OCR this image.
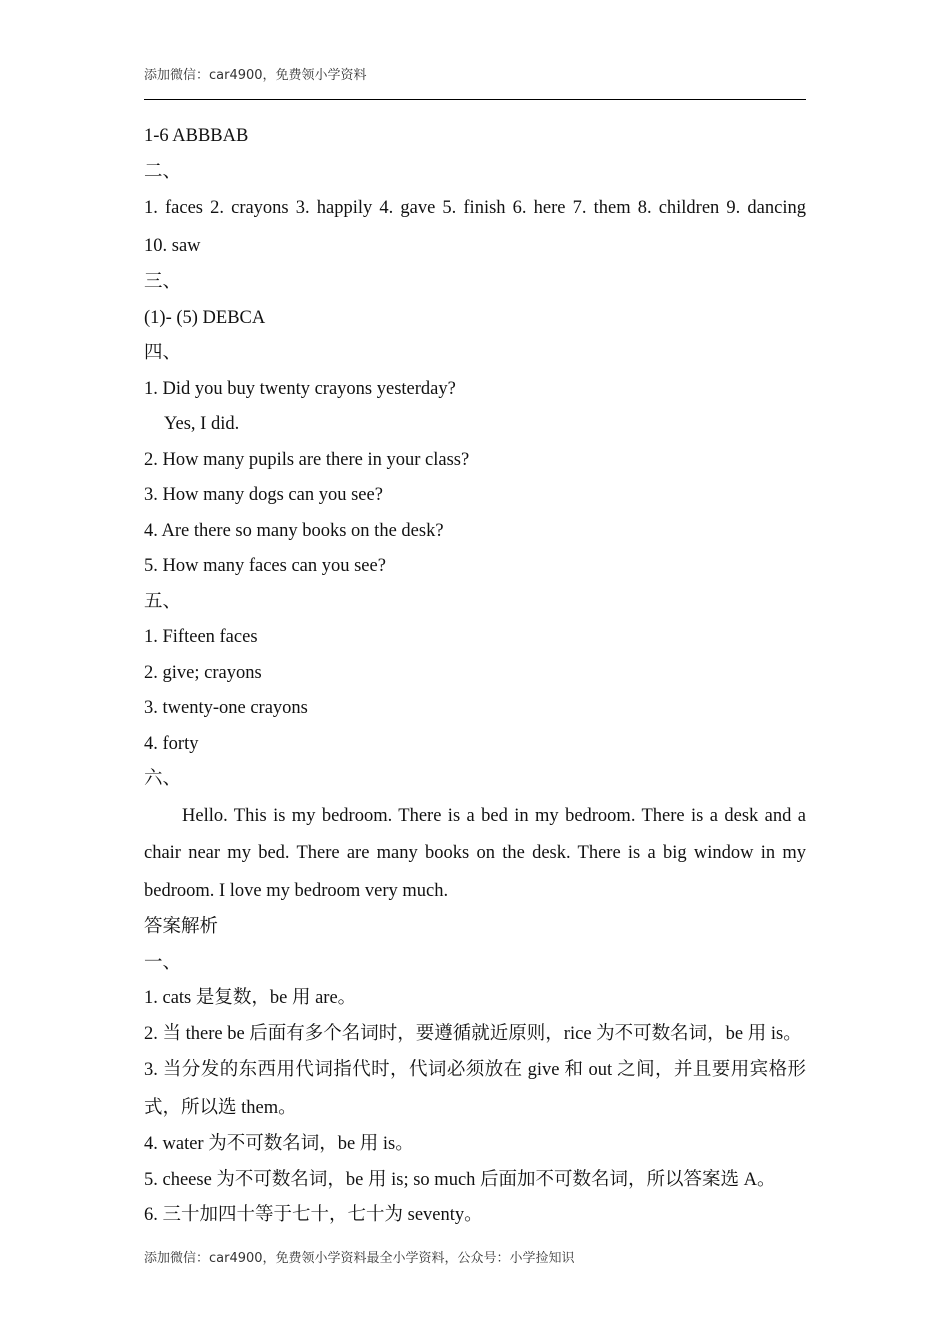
添加微信：car4900，免费领小学资料
1-6 ABBBAB
二、
1. faces 2. crayons 3. happily 4. gave 5. finish 6. here 7. them 8. children 9. dancing
10. saw
三、
(1)- (5) DEBCA
四、
1. Did you buy twenty crayons yesterday?
Yes, I did.
2. How many pupils are there in your class?
3. How many dogs can you see?
4. Are there so many books on the desk?
5. How many faces can you see?
五、
1. Fifteen faces
2. give; crayons
3. twenty-one crayons
4. forty
六、
Hello. This is my bedroom. There is a bed in my bedroom. There is a desk and a
chair near my bed. There are many books on the desk. There is a big window in my
bedroom. I love my bedroom very much.
答案解析
一、
1. cats 是复数，be 用 are。
2. 当 there be 后面有多个名词时，要遵循就近原则，rice 为不可数名词，be 用 is。
3. 当分发的东西用代词指代时，代词必须放在 give 和 out 之间，并且要用宾格形
式，所以选 them。
4. water 为不可数名词，be 用 is。
5. cheese 为不可数名词，be 用 is; so much 后面加不可数名词，所以答案选 A。
6. 三十加四十等于七十，七十为 seventy。
添加微信：car4900，免费领小学资料最全小学资料，公众号：小学捡知识
